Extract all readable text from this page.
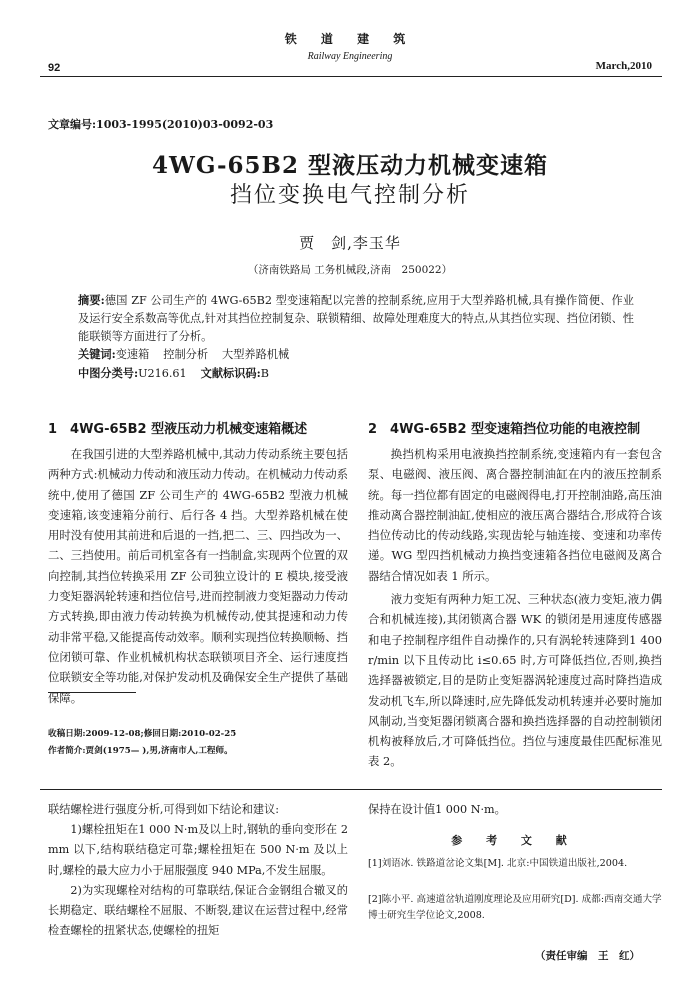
铁 道 建 筑
Railway Engineering
92	March,2010
文章编号:1003-1995(2010)03-0092-03
4WG-65B2 型液压动力机械变速箱
挡位变换电气控制分析
贾　剑,李玉华
（济南铁路局 工务机械段,济南　250022）
摘要:德国 ZF 公司生产的 4WG-65B2 型变速箱配以完善的控制系统,应用于大型养路机械,具有操作简便、作业及运行安全系数高等优点,针对其挡位控制复杂、联锁精细、故障处理难度大的特点,从其挡位实现、挡位闭锁、性能联锁等方面进行了分析。
关键词:变速箱 控制分析 大型养路机械
中图分类号:U216.61 文献标识码:B
1　4WG-65B2 型液压动力机械变速箱概述

在我国引进的大型养路机械中,其动力传动系统主要包括两种方式:机械动力传动和液压动力传动。在机械动力传动系统中,使用了德国 ZF 公司生产的 4WG-65B2 型液力机械变速箱,该变速箱分前行、后行各 4 挡。大型养路机械在使用时没有使用其前进和后退的一挡,把二、三、四挡改为一、二、三挡使用。前后司机室各有一挡制盒,实现两个位置的双向控制,其挡位转换采用 ZF 公司独立设计的 E 模块,接受液力变矩器涡轮转速和挡位信号,进而控制液力变矩器动力传动方式转换,即由液力传动转换为机械传动,使其提速和动力传动非常平稳,又能提高传动效率。顺利实现挡位转换顺畅、挡位闭锁可靠、作业机械机构状态联锁项目齐全、运行速度挡位联锁安全等功能,对保护发动机及确保安全生产提供了基础保障。

收稿日期:2009-12-08;修回日期:2010-02-25
作者简介:贾剑(1975— ),男,济南市人,工程师。
2　4WG-65B2 型变速箱挡位功能的电液控制

换挡机构采用电液换挡控制系统,变速箱内有一套包含泵、电磁阀、液压阀、离合器控制油缸在内的液压控制系统。每一挡位都有固定的电磁阀得电,打开控制油路,高压油推动离合器控制油缸,使相应的液压离合器结合,形成符合该挡位传动比的传动线路,实现齿轮与轴连接、变速和功率传递。WG 型四挡机械动力换挡变速箱各挡位电磁阀及离合器结合情况如表 1 所示。

液力变矩有两种力矩工况、三种状态(液力变矩,液力偶合和机械连接),其闭锁离合器 WK 的锁闭是用速度传感器和电子控制程序组件自动操作的,只有涡轮转速降到1 400 r/min 以下且传动比 i≤0.65 时,方可降低挡位,否则,换挡选择器被锁定,目的是防止变矩器涡轮速度过高时降挡造成发动机飞车,所以降速时,应先降低发动机转速并必要时施加风制动,当变矩器闭锁离合器和换挡选择器的自动控制锁闭机构被释放后,才可降低挡位。挡位与速度最佳匹配标准见表 2。

联结螺栓进行强度分析,可得到如下结论和建议:

1)螺栓扭矩在1 000 N·m及以上时,钢轨的垂向变形在 2 mm 以下,结构联结稳定可靠;螺栓扭矩在 500 N·m 及以上时,螺栓的最大应力小于屈服强度 940 MPa,不发生屈服。

2)为实现螺栓对结构的可靠联结,保证合金钢组合辙叉的长期稳定、联结螺栓不屈服、不断裂,建议在运营过程中,经常检查螺栓的扭紧状态,使螺栓的扭矩

保持在设计值1 000 N·m。
参 考 文 献
[1]刘语冰. 铁路道岔论文集[M]. 北京:中国铁道出版社,2004.
[2]陈小平. 高速道岔轨道刚度理论及应用研究[D]. 成都:西南交通大学博士研究生学位论文,2008.
（责任审编　王　红）
